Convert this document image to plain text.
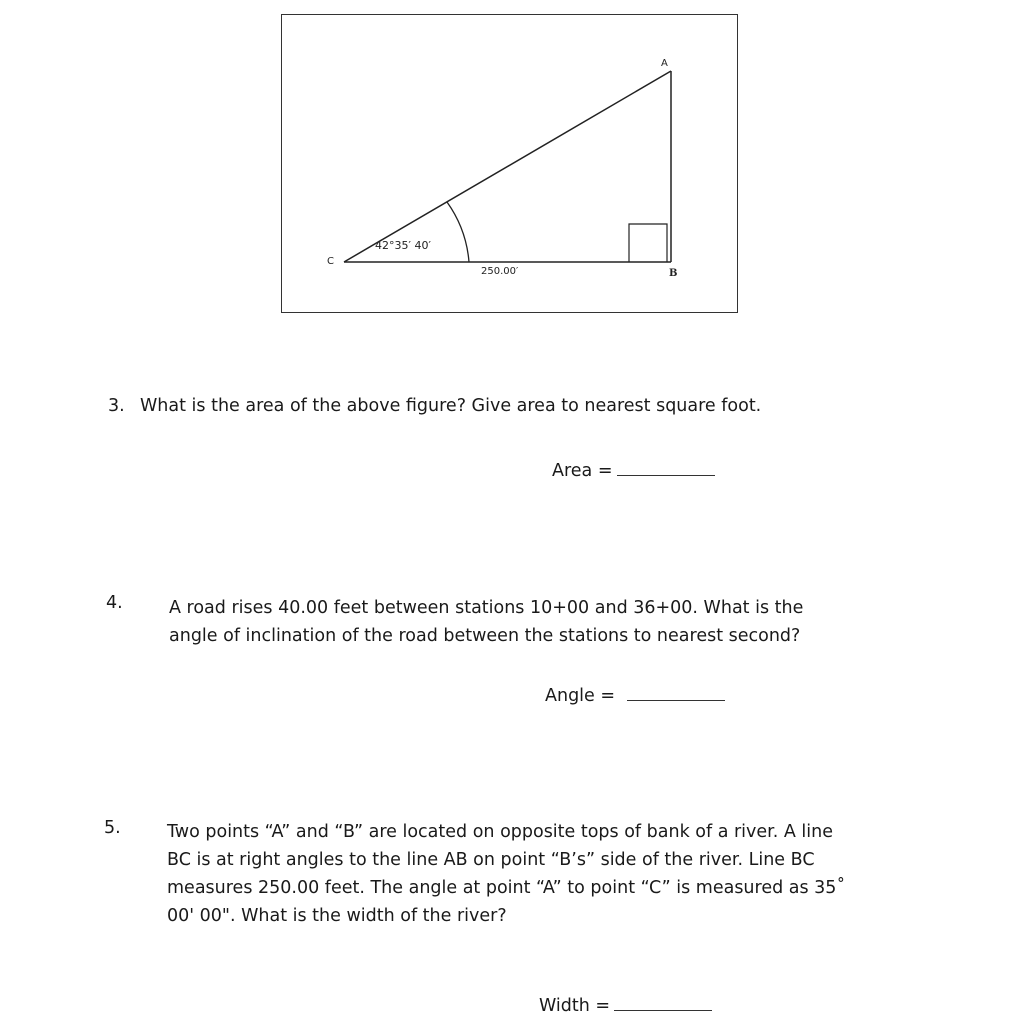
A
B
C
42°35′ 40′
250.00′
3. What is the area of the above figure? Give area to nearest square foot.
Area =
4.	A road rises 40.00 feet between stations 10+00 and 36+00. What is the
angle of inclination of the road between the stations to nearest second?
Angle =
5.	Two points “A” and “B” are located on opposite tops of bank of a river. A line
BC is at right angles to the line AB on point “B’s” side of the river. Line BC
measures 250.00 feet. The angle at point “A” to point “C” is measured as 35˚
00' 00". What is the width of the river?
Width =
